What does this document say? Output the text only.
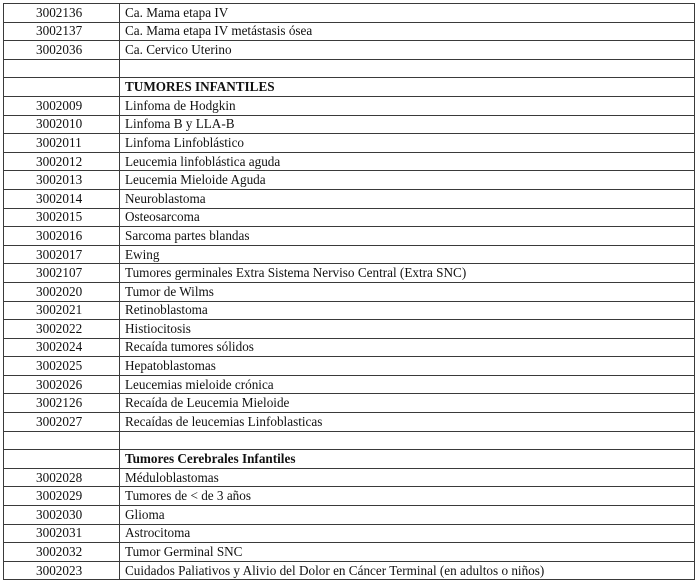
3002136	Ca. Mama etapa IV
3002137	Ca. Mama etapa IV metástasis ósea
3002036	Ca. Cervico Uterino

	TUMORES INFANTILES
3002009	Linfoma de Hodgkin
3002010	Linfoma B y LLA-B
3002011	Linfoma Linfoblástico
3002012	Leucemia linfoblástica aguda
3002013	Leucemia Mieloide Aguda
3002014	Neuroblastoma
3002015	Osteosarcoma
3002016	Sarcoma partes blandas
3002017	Ewing
3002107	Tumores germinales Extra Sistema Nerviso Central (Extra SNC)
3002020	Tumor de Wilms
3002021	Retinoblastoma
3002022	Histiocitosis
3002024	Recaída tumores sólidos
3002025	Hepatoblastomas
3002026	Leucemias mieloide crónica
3002126	Recaída de Leucemia Mieloide
3002027	Recaídas de leucemias Linfoblasticas

	Tumores Cerebrales Infantiles
3002028	Méduloblastomas
3002029	Tumores de < de 3 años
3002030	Glioma
3002031	Astrocitoma
3002032	Tumor Germinal SNC
3002023	Cuidados Paliativos y Alivio del Dolor en Cáncer Terminal (en adultos o niños)
